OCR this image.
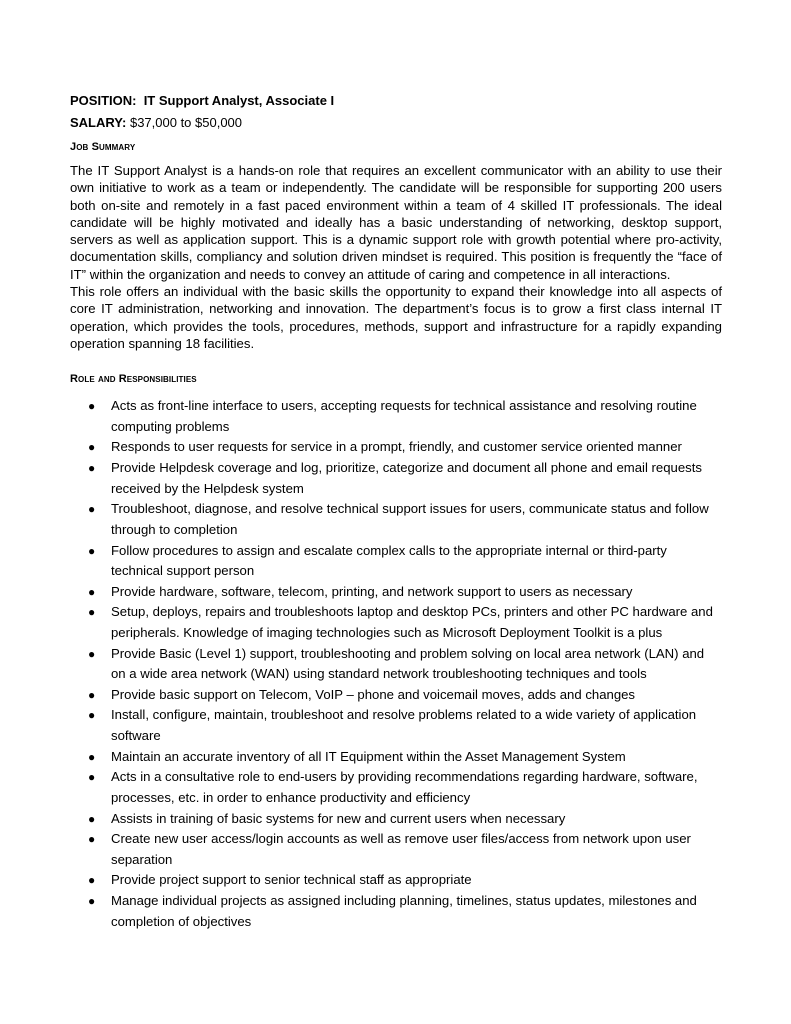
POSITION: IT Support Analyst, Associate I

SALARY: $37,000 to $50,000

Job Summary

The IT Support Analyst is a hands-on role that requires an excellent communicator with an ability to use their own initiative to work as a team or independently. The candidate will be responsible for supporting 200 users both on-site and remotely in a fast paced environment within a team of 4 skilled IT professionals. The ideal candidate will be highly motivated and ideally has a basic understanding of networking, desktop support, servers as well as application support. This is a dynamic support role with growth potential where pro-activity, documentation skills, compliancy and solution driven mindset is required. This position is frequently the “face of IT” within the organization and needs to convey an attitude of caring and competence in all interactions.

This role offers an individual with the basic skills the opportunity to expand their knowledge into all aspects of core IT administration, networking and innovation. The department’s focus is to grow a first class internal IT operation, which provides the tools, procedures, methods, support and infrastructure for a rapidly expanding operation spanning 18 facilities.

Role and Responsibilities
● Acts as front-line interface to users, accepting requests for technical assistance and resolving routine computing problems
● Responds to user requests for service in a prompt, friendly, and customer service oriented manner
● Provide Helpdesk coverage and log, prioritize, categorize and document all phone and email requests received by the Helpdesk system
● Troubleshoot, diagnose, and resolve technical support issues for users, communicate status and follow through to completion
● Follow procedures to assign and escalate complex calls to the appropriate internal or third-party technical support person
● Provide hardware, software, telecom, printing, and network support to users as necessary
● Setup, deploys, repairs and troubleshoots laptop and desktop PCs, printers and other PC hardware and peripherals. Knowledge of imaging technologies such as Microsoft Deployment Toolkit is a plus
● Provide Basic (Level 1) support, troubleshooting and problem solving on local area network (LAN) and on a wide area network (WAN) using standard network troubleshooting techniques and tools
● Provide basic support on Telecom, VoIP – phone and voicemail moves, adds and changes
● Install, configure, maintain, troubleshoot and resolve problems related to a wide variety of application software
● Maintain an accurate inventory of all IT Equipment within the Asset Management System
● Acts in a consultative role to end-users by providing recommendations regarding hardware, software, processes, etc. in order to enhance productivity and efficiency
● Assists in training of basic systems for new and current users when necessary
● Create new user access/login accounts as well as remove user files/access from network upon user separation
● Provide project support to senior technical staff as appropriate
● Manage individual projects as assigned including planning, timelines, status updates, milestones and completion of objectives
